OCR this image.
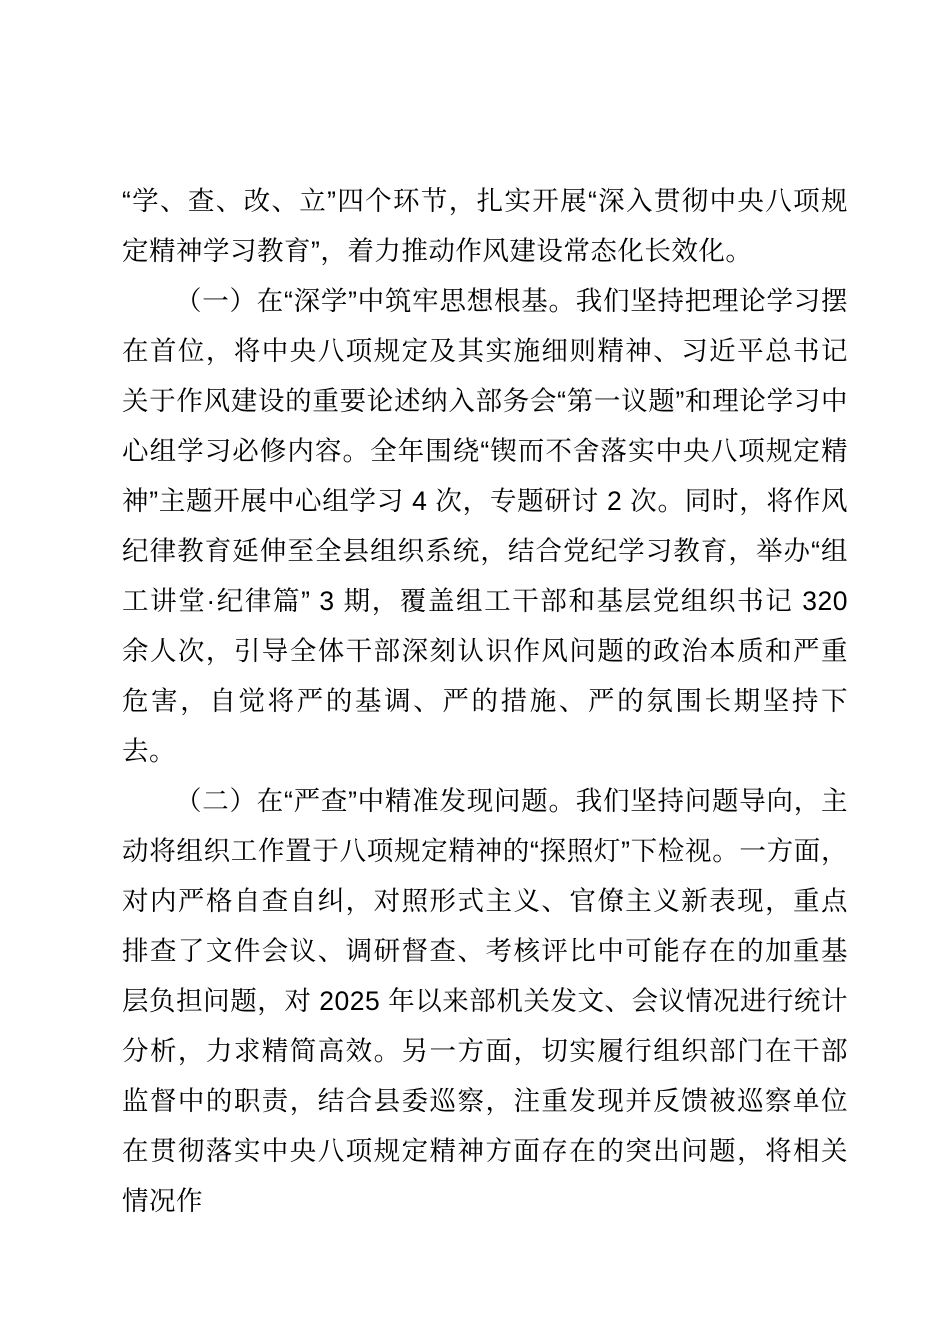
“学、查、改、立”四个环节，扎实开展“深入贯彻中央八项规定精神学习教育”，着力推动作风建设常态化长效化。

（一）在“深学”中筑牢思想根基。我们坚持把理论学习摆在首位，将中央八项规定及其实施细则精神、习近平总书记关于作风建设的重要论述纳入部务会“第一议题”和理论学习中心组学习必修内容。全年围绕“锲而不舍落实中央八项规定精神”主题开展中心组学习 4 次，专题研讨 2 次。同时，将作风纪律教育延伸至全县组织系统，结合党纪学习教育，举办“组工讲堂·纪律篇” 3 期，覆盖组工干部和基层党组织书记 320 余人次，引导全体干部深刻认识作风问题的政治本质和严重危害，自觉将严的基调、严的措施、严的氛围长期坚持下去。

（二）在“严查”中精准发现问题。我们坚持问题导向，主动将组织工作置于八项规定精神的“探照灯”下检视。一方面，对内严格自查自纠，对照形式主义、官僚主义新表现，重点排查了文件会议、调研督查、考核评比中可能存在的加重基层负担问题，对 2025 年以来部机关发文、会议情况进行统计分析，力求精简高效。另一方面，切实履行组织部门在干部监督中的职责，结合县委巡察，注重发现并反馈被巡察单位在贯彻落实中央八项规定精神方面存在的突出问题，将相关情况作
